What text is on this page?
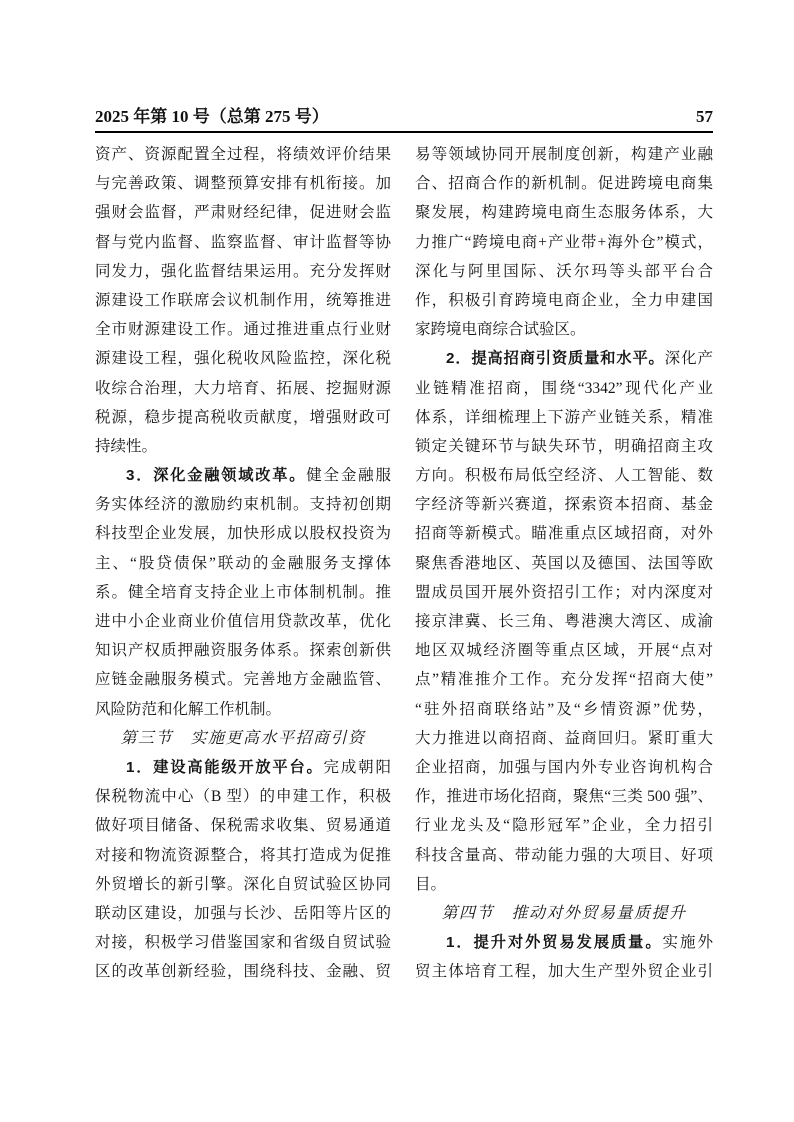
2025 年第 10 号（总第 275 号）	57
资产、资源配置全过程，将绩效评价结果
与完善政策、调整预算安排有机衔接。加
强财会监督，严肃财经纪律，促进财会监
督与党内监督、监察监督、审计监督等协
同发力，强化监督结果运用。充分发挥财
源建设工作联席会议机制作用，统筹推进
全市财源建设工作。通过推进重点行业财
源建设工程，强化税收风险监控，深化税
收综合治理，大力培育、拓展、挖掘财源
税源，稳步提高税收贡献度，增强财政可
持续性。
3．深化金融领域改革。健全金融服
务实体经济的激励约束机制。支持初创期
科技型企业发展，加快形成以股权投资为
主、“股贷债保”联动的金融服务支撑体
系。健全培育支持企业上市体制机制。推
进中小企业商业价值信用贷款改革，优化
知识产权质押融资服务体系。探索创新供
应链金融服务模式。完善地方金融监管、
风险防范和化解工作机制。
第三节　实施更高水平招商引资
1．建设高能级开放平台。完成朝阳
保税物流中心（B 型）的申建工作，积极
做好项目储备、保税需求收集、贸易通道
对接和物流资源整合，将其打造成为促推
外贸增长的新引擎。深化自贸试验区协同
联动区建设，加强与长沙、岳阳等片区的
对接，积极学习借鉴国家和省级自贸试验
区的改革创新经验，围绕科技、金融、贸
易等领域协同开展制度创新，构建产业融
合、招商合作的新机制。促进跨境电商集
聚发展，构建跨境电商生态服务体系，大
力推广“跨境电商+产业带+海外仓”模式，
深化与阿里国际、沃尔玛等头部平台合
作，积极引育跨境电商企业，全力申建国
家跨境电商综合试验区。
2．提高招商引资质量和水平。深化产
业链精准招商，围绕“3342”现代化产业
体系，详细梳理上下游产业链关系，精准
锁定关键环节与缺失环节，明确招商主攻
方向。积极布局低空经济、人工智能、数
字经济等新兴赛道，探索资本招商、基金
招商等新模式。瞄准重点区域招商，对外
聚焦香港地区、英国以及德国、法国等欧
盟成员国开展外资招引工作；对内深度对
接京津冀、长三角、粤港澳大湾区、成渝
地区双城经济圈等重点区域，开展“点对
点”精准推介工作。充分发挥“招商大使”
“驻外招商联络站”及“乡情资源”优势，
大力推进以商招商、益商回归。紧盯重大
企业招商，加强与国内外专业咨询机构合
作，推进市场化招商，聚焦“三类 500 强”、
行业龙头及“隐形冠军”企业，全力招引
科技含量高、带动能力强的大项目、好项
目。
第四节　推动对外贸易量质提升
1．提升对外贸易发展质量。实施外
贸主体培育工程，加大生产型外贸企业引
